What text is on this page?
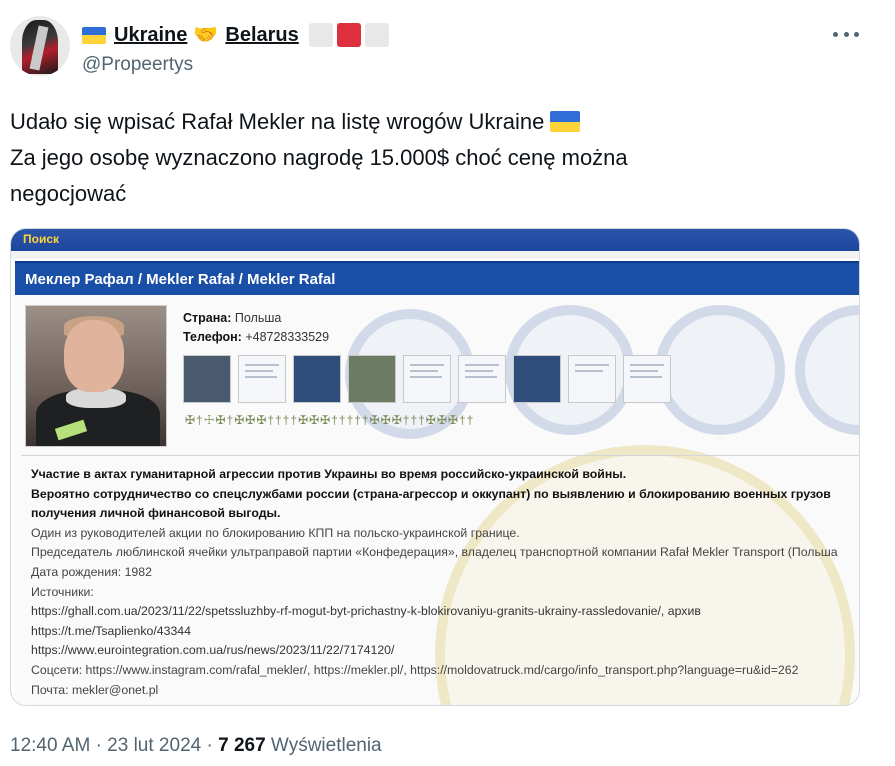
Ukraine 🤝 Belarus
@Propeertys
Udało się wpisać Rafał Mekler na listę wrogów Ukraine
Za jego osobę wyznaczono nagrodę 15.000$ choć cenę można
negocjować
Поиск
Меклер Рафал / Mekler Rafał / Mekler Rafal
Страна: Польша
Телефон: +48728333529
✠†☩✠†✠✠✠††††✠✠✠†††††✠✠✠†††✠✠✠††
Участие в актах гуманитарной агрессии против Украины во время российско-украинской войны.
Вероятно сотрудничество со спецслужбами россии (страна-агрессор и оккупант) по выявлению и блокированию военных грузов
получения личной финансовой выгоды.
Один из руководителей акции по блокированию КПП на польско-украинской границе.
Председатель люблинской ячейки ультраправой партии «Конфедерация», владелец транспортной компании Rafał Mekler Transport (Польша
Дата рождения: 1982
Источники:
https://ghall.com.ua/2023/11/22/spetssluzhby-rf-mogut-byt-prichastny-k-blokirovaniyu-granits-ukrainy-rassledovanie/, архив
https://t.me/Tsaplienko/43344
https://www.eurointegration.com.ua/rus/news/2023/11/22/7174120/
Соцсети: https://www.instagram.com/rafal_mekler/, https://mekler.pl/, https://moldovatruck.md/cargo/info_transport.php?language=ru&id=262
Почта: mekler@onet.pl
12:40 AM · 23 lut 2024 · 7 267 Wyświetlenia
